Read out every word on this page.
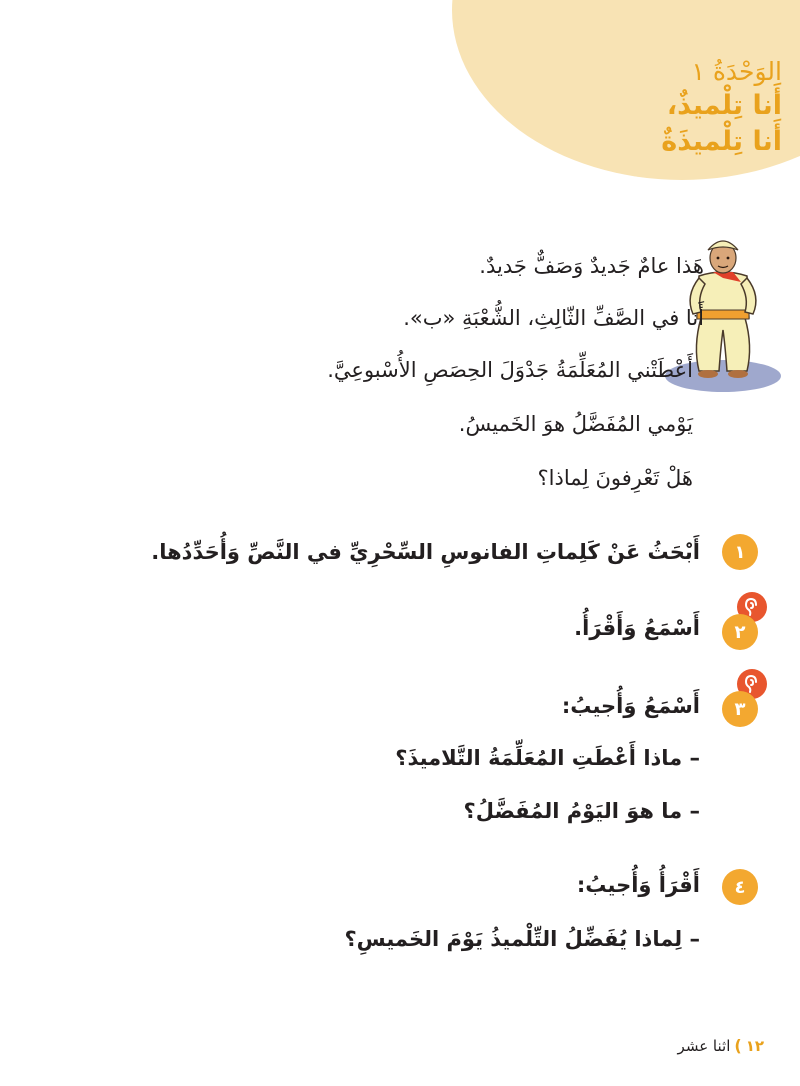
الوَحْدَةُ ١
أَنا تِلْميذٌ،
أَنا تِلْميذَةٌ
هَذا عامٌ جَديدٌ وَصَفٌّ جَديدٌ.
أَنا في الصَّفِّ الثّالِثِ، الشُّعْبَةِ «ب».
أَعْطَتْني المُعَلِّمَةُ جَدْوَلَ الحِصَصِ الأُسْبوعِيَّ.
يَوْمي المُفَضَّلُ هوَ الخَميسُ.
هَلْ تَعْرِفونَ لِماذا؟
١
أَبْحَثُ عَنْ كَلِماتِ الفانوسِ السِّحْرِيِّ في النَّصِّ وَأُحَدِّدُها.
٢
أَسْمَعُ وَأَقْرَأُ.
٣
أَسْمَعُ وَأُجيبُ:
– ماذا أَعْطَتِ المُعَلِّمَةُ التَّلاميذَ؟
– ما هوَ اليَوْمُ المُفَضَّلُ؟
٤
أَقْرَأُ وَأُجيبُ:
– لِماذا يُفَضِّلُ التِّلْميذُ يَوْمَ الخَميسِ؟
١٢
)
اثنا عشر
